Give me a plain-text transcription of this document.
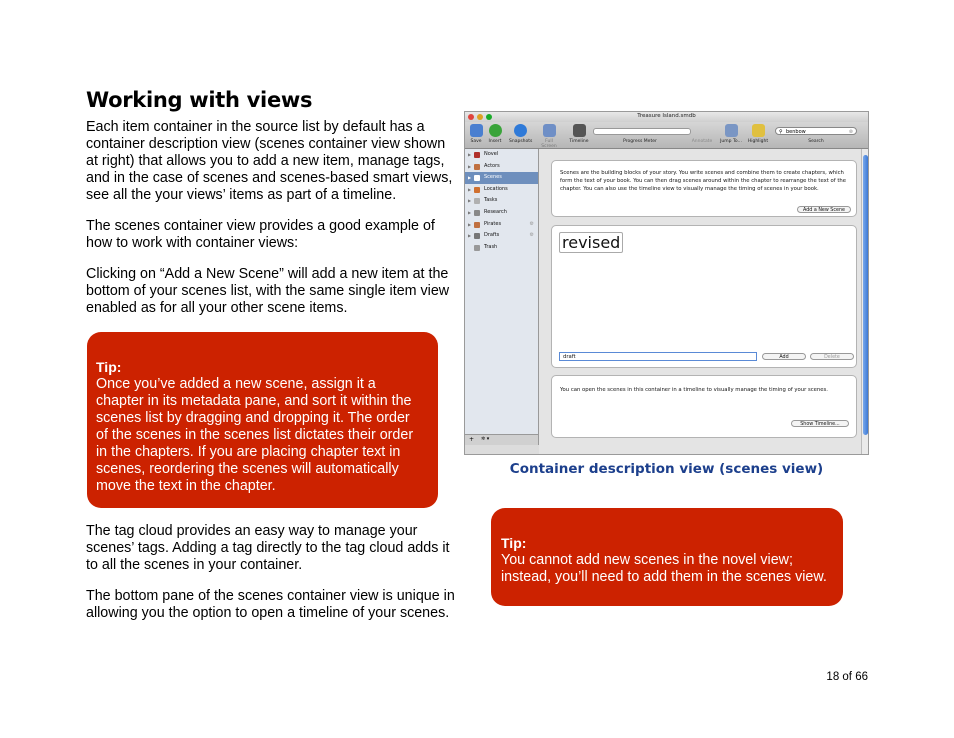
Working with views

Each item container in the source list by default has a container description view (scenes container view shown at right) that allows you to add a new item, manage tags, and in the case of scenes and scenes-based smart views, see all the your views’ items as part of a timeline.

The scenes container view provides a good example of how to work with container views:

Clicking on “Add a New Scene” will add a new item at the bottom of your scenes list, with the same single item view enabled as for all your other scene items.

Tip:
Once you’ve added a new scene, assign it a chapter in its metadata pane, and sort it within the scenes list by dragging and dropping it. The order of the scenes in the scenes list dictates their order in the chapters. If you are placing chapter text in scenes, reordering the scenes will automatically move the text in the chapter.

The tag cloud provides an easy way to manage your scenes’ tags. Adding a tag directly to the tag cloud adds it to all the scenes in your container.

The bottom pane of the scenes container view is unique in allowing you the option to open a timeline of your scenes.

Treasure Island.smdb
Save	Insert	Snapshots	Full Screen
Timeline	Progress Meter	Annotate	Jump To...	Highlight
⚲ benbow	⊗
Search
▶	Novel
▶	Actors
▶	Scenes
▶	Locations
▶	Tasks
▶	Research
▶	Pirates	⚙
▶	Drafts	⚙
Trash
+ ✲ ▾
Scenes are the building blocks of your story. You write scenes and combine them to create chapters, which form the text of your book. You can then drag scenes around within the chapter to rearrange the text of the chapter. You can also use the timeline view to visually manage the timing of scenes in your book.
Add a New Scene
revised
draft	Add	Delete
You can open the scenes in this container in a timeline to visually manage the timing of your scenes.
Show Timeline...
Container description view (scenes view)
Tip:
You cannot add new scenes in the novel view; instead, you’ll need to add them in the scenes view.
18 of 66
